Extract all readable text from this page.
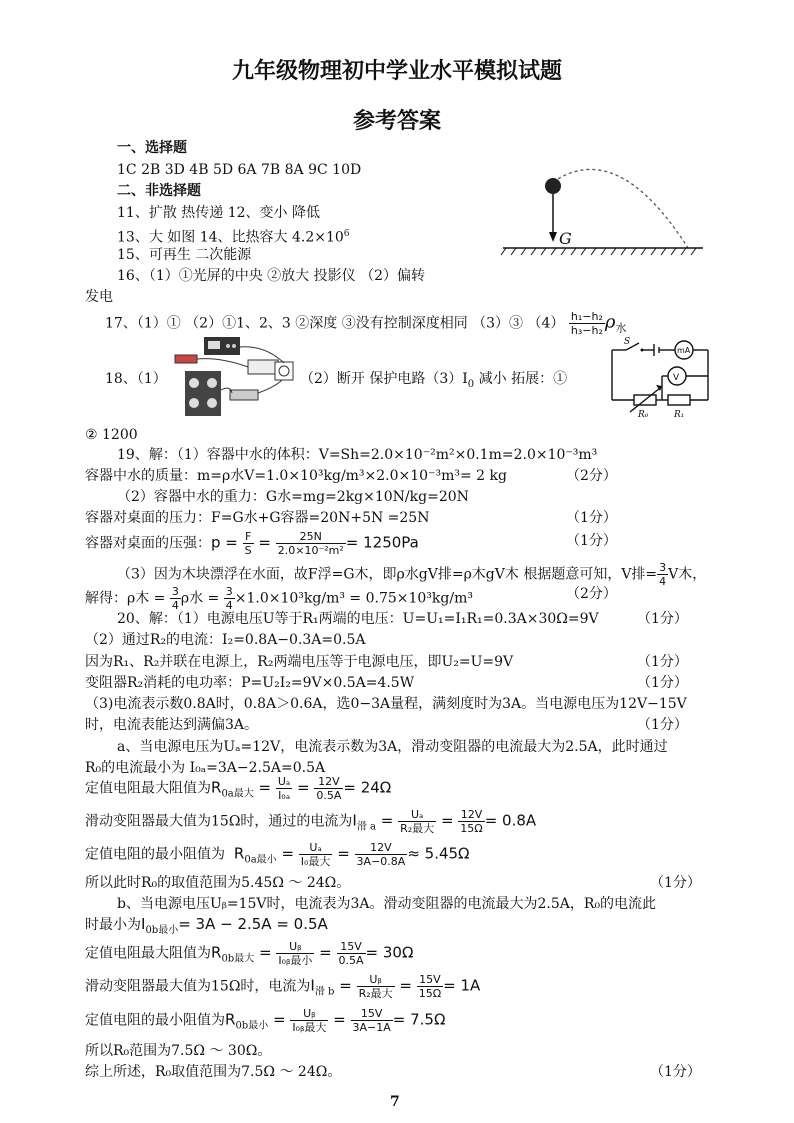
九年级物理初中学业水平模拟试题
参考答案
一、选择题
1C 2B 3D 4B 5D 6A 7B 8A 9C 10D
二、非选择题
11、扩散 热传递 12、变小 降低
13、大 如图 14、比热容大 $4.2\times 10^6$
15、可再生 二次能源
16、（1）①光屏的中央 ②放大 投影仪 （2）偏转
发电
G
17、（1）① （2）①1、2、3 ②深度 ③没有控制深度相同 （3）③ $(4) \frac{\text{h₁−h₂}}{\text{h₃−h₂}} \rho_水$
18、（1）	（2）断开 保护电路$(3)I_0$ 减小 拓展：①
S
mA
V
R₀	R₁
② 1200
19、解：（1）容器中水的体积：V=Sh=2.0×10⁻²m²×0.1m=2.0×10⁻³m³
容器中水的质量：m=ρ水V=1.0×10³kg/m³×2.0×10⁻³m³= 2 kg	（2分）
（2）容器中水的重力：G水=mg=2kg×10N/kg=20N
容器对桌面的压力：F=G水+G容器=20N+5N =25N	（1分）
容器对桌面的压强：$p = \frac{F}{S} = \frac{25N}{\text{2.0×10⁻²m²}} = 1250Pa$	（1分）
（3）因为木块漂浮在水面，故F浮=G木，即ρ水gV排=ρ木gV木 根据题意可知，V排= $\frac{3}{4}$ V木，
解得：ρ木 = $\frac{3}{4}$ ρ水 = $\frac{3}{4} \times 1.0\times 10^3kg/m^3 = 0.75\times 10^3kg/m^3$	（2分）
20、解：（1）电源电压U等于R₁两端的电压：U=U₁=I₁R₁=0.3A×30Ω=9V	（1分）
（2）通过R₂的电流：I₂=0.8A−0.3A=0.5A
因为R₁、R₂并联在电源上，R₂两端电压等于电源电压，即U₂=U=9V	（1分）
变阻器R₂消耗的电功率：P=U₂I₂=9V×0.5A=4.5W	（1分）
（3)电流表示数0.8A时，0.8A＞0.6A，选0−3A量程，满刻度时为3A。当电源电压为12V−15V
时，电流表能达到满偏3A。	（1分）
a、当电源电压为Uₐ=12V，电流表示数为3A，滑动变阻器的电流最大为2.5A，此时通过
R₀的电流最小为 I₀ₐ=3A−2.5A=0.5A
定值电阻最大阻值为$R_{0a最大} = \frac{\text{Uₐ}}{\text{I₀ₐ}} = \frac{12V}{0.5A} = 24\Omega$
滑动变阻器最大值为15Ω时，通过的电流为$I_{滑 a} = \frac{\text{Uₐ}}{\text{R₂最大}} = \frac{12V}{15\Omega} = 0.8A$
定值电阻的最小阻值为 $R_{0a最小} = \frac{\text{Uₐ}}{\text{I₀最大}} = \frac{12V}{3A-0.8A} \approx 5.45\Omega$
所以此时R₀的取值范围为5.45Ω ～ 24Ω。	（1分）
b、当电源电压Uᵦ=15V时，电流表为3A。滑动变阻器的电流最大为2.5A，R₀的电流此
时最小为$I_{0b最小}= 3A - 2.5A = 0.5A$
定值电阻最大阻值为$R_{0b最大} = \frac{\text{Uᵦ}}{\text{I₀ᵦ最小}} = \frac{15V}{0.5A} = 30\Omega$
滑动变阻器最大值为15Ω时，电流为$I_{滑 b} = \frac{\text{Uᵦ}}{\text{R₂最大}} = \frac{15V}{15\Omega} = 1A$
定值电阻的最小阻值为$R_{0b最小} = \frac{\text{Uᵦ}}{\text{I₀ᵦ最大}} = \frac{15V}{3A-1A} = 7.5\Omega$
所以R₀范围为7.5Ω ～ 30Ω。
综上所述，R₀取值范围为7.5Ω ～ 24Ω。	（1分）
7
